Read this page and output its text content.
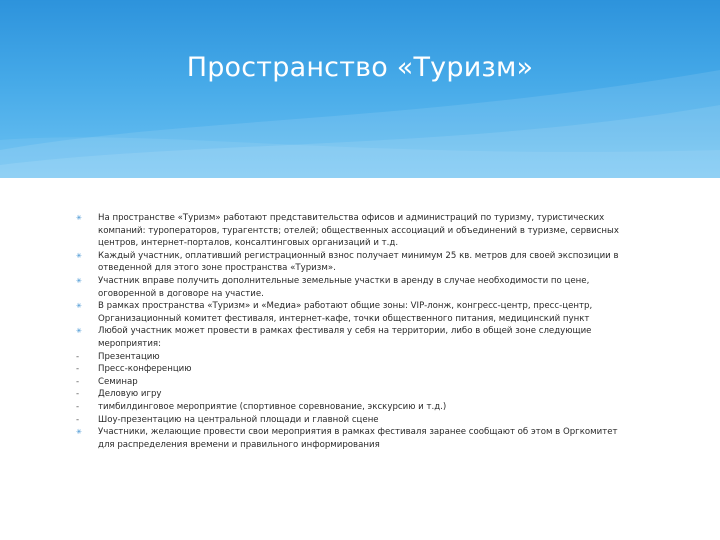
Пространство «Туризм»
✳	На пространстве «Туризм» работают представительства офисов и администраций по туризму, туристических компаний: туроператоров, турагентств; отелей; общественных ассоциаций и объединений в туризме, сервисных центров, интернет-порталов, консалтинговых организаций и т.д.
✳	Каждый участник, оплативший регистрационный взнос получает минимум 25 кв. метров для своей экспозиции в отведенной для этого зоне пространства «Туризм».
✳	Участник вправе получить дополнительные земельные участки в аренду в случае необходимости по цене, оговоренной в договоре на участие.
✳	В рамках пространства «Туризм» и «Медиа» работают общие зоны: VIP-лонж, конгресс-центр, пресс-центр, Организационный комитет фестиваля, интернет-кафе, точки общественного питания, медицинский пункт
✳	Любой участник может провести в рамках фестиваля у себя на территории, либо в общей зоне следующие мероприятия:
-	Презентацию
-	Пресс-конференцию
-	Семинар
-	Деловую игру
-	тимбилдинговое мероприятие (спортивное соревнование, экскурсию и т.д.)
-	Шоу-презентацию на центральной площади и главной сцене
✳	Участники, желающие провести свои мероприятия в рамках фестиваля заранее сообщают об этом в Оргкомитет для распределения времени и правильного информирования
